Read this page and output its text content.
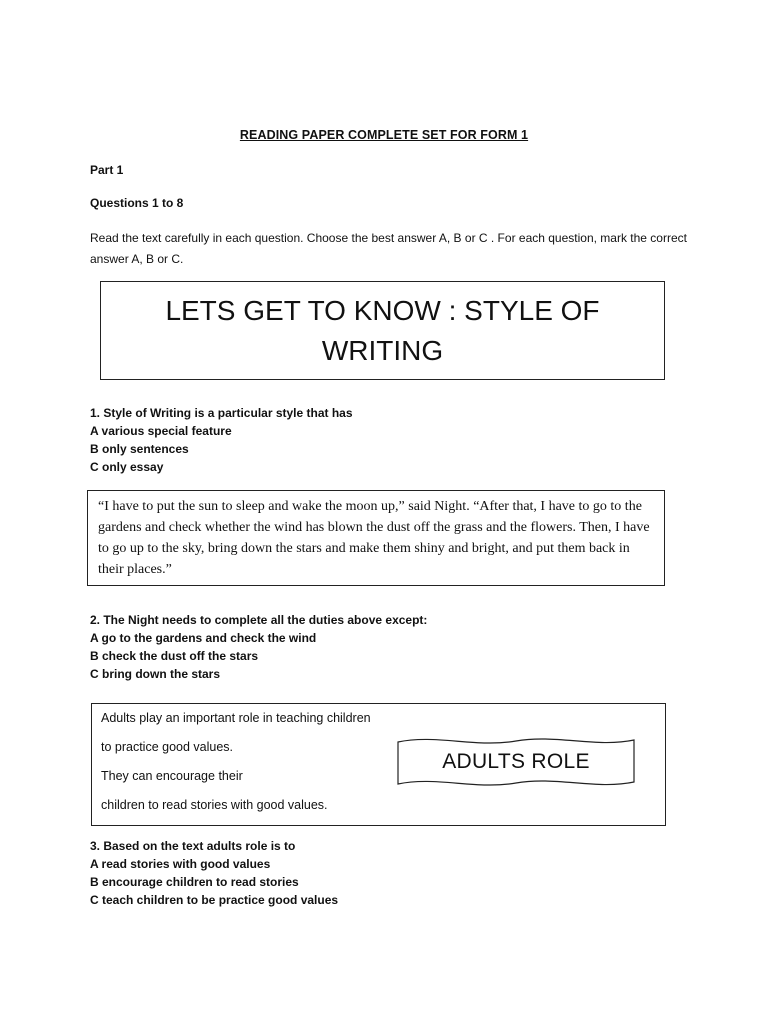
READING PAPER COMPLETE SET FOR FORM 1
Part 1
Questions 1 to 8
Read the text carefully in each question. Choose the best answer A, B or C . For each question, mark the correct answer A, B or C.
LETS GET TO KNOW : STYLE OF WRITING
1. Style of Writing is a particular style that has
A various special feature
B only sentences
C only essay
“I have to put the sun to sleep and wake the moon up,” said Night. “After that, I have to go to the gardens and check whether the wind has blown the dust off the grass and the flowers. Then, I have to go up to the sky, bring down the stars and make them shiny and bright, and put them back in their places.”
2. The Night needs to complete all the duties above except:
A go to the gardens and check the wind
B check the dust off the stars
C bring down the stars
Adults play an important role in teaching children
to practice good values.
They can encourage their
children to read stories with good values.
ADULTS ROLE
3. Based on the text adults role is to
A read stories with good values
B encourage children to read stories
C teach children to be practice good values
